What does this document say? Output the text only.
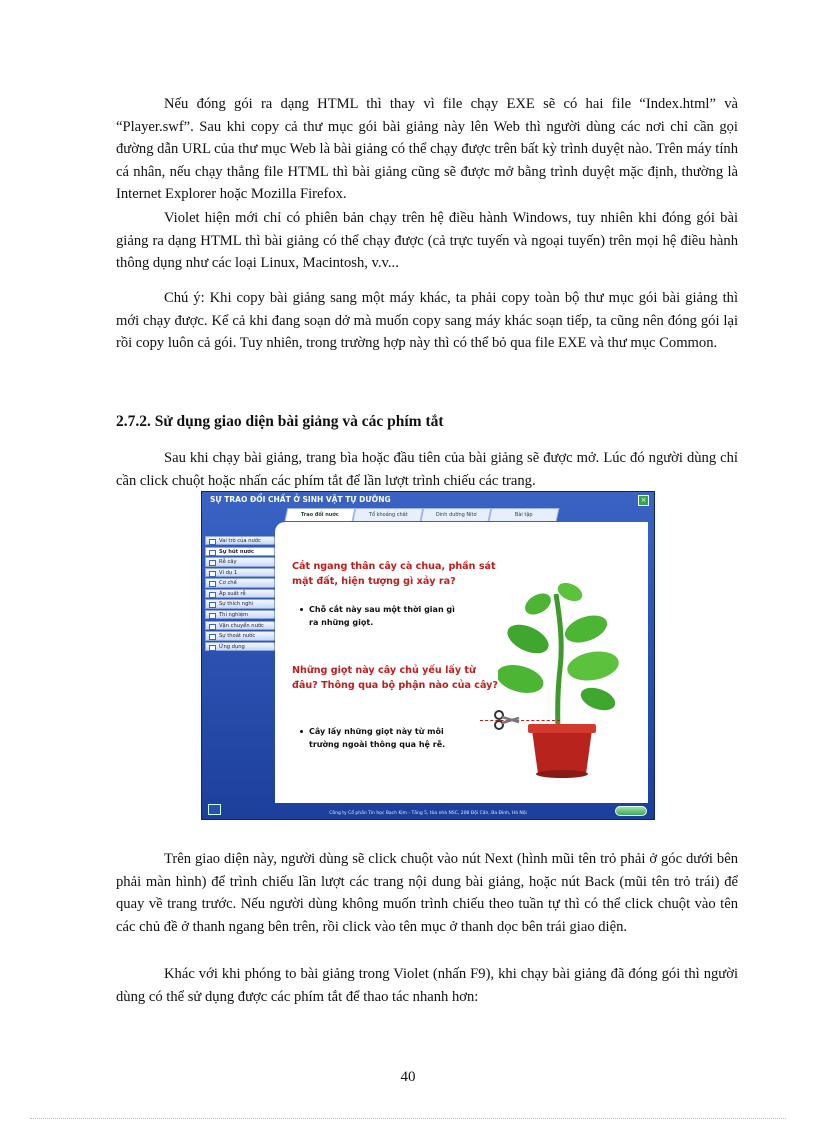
Nếu đóng gói ra dạng HTML thì thay vì file chạy EXE sẽ có hai file “Index.html” và “Player.swf”. Sau khi copy cả thư mục gói bài giảng này lên Web thì người dùng các nơi chỉ cần gọi đường dẫn URL của thư mục Web là bài giảng có thể chạy được trên bất kỳ trình duyệt nào. Trên máy tính cá nhân, nếu chạy thẳng file HTML thì bài giảng cũng sẽ được mở bằng trình duyệt mặc định, thường là Internet Explorer hoặc Mozilla Firefox.

Violet hiện mới chỉ có phiên bản chạy trên hệ điều hành Windows, tuy nhiên khi đóng gói bài giảng ra dạng HTML thì bài giảng có thể chạy được (cả trực tuyến và ngoại tuyến) trên mọi hệ điều hành thông dụng như các loại Linux, Macintosh, v.v...

Chú ý: Khi copy bài giảng sang một máy khác, ta phải copy toàn bộ thư mục gói bài giảng thì mới chạy được. Kể cả khi đang soạn dở mà muốn copy sang máy khác soạn tiếp, ta cũng nên đóng gói lại rồi copy luôn cả gói. Tuy nhiên, trong trường hợp này thì có thể bỏ qua file EXE và thư mục Common.

2.7.2. Sử dụng giao diện bài giảng và các phím tắt

Sau khi chạy bài giảng, trang bìa hoặc đầu tiên của bài giảng sẽ được mở. Lúc đó người dùng chỉ cần click chuột hoặc nhấn các phím tắt để lần lượt trình chiếu các trang.

SỰ TRAO ĐỔI CHẤT Ở SINH VẬT TỰ DƯỠNG	×
Trao đổi nước	Tổ khoáng chất	Dinh dưỡng Nitơ	Bài tập
Vai trò của nước
Sự hút nước
Rễ cây
Ví dụ 1
Cơ chế
Áp suất rễ
Sự thích nghi
Thí nghiệm
Vận chuyển nước
Sự thoát nước
Ứng dụng

Cắt ngang thân cây cà chua, phần sát mặt đất, hiện tượng gì xảy ra?

Chỗ cắt này sau một thời gian gì ra những giọt.

Những giọt này cây chủ yếu lấy từ đâu? Thông qua bộ phận nào của cây?

Cây lấy những giọt này từ môi trường ngoài thông qua hệ rễ.

Công ty Cổ phần Tin học Bạch Kim - Tầng 5, tòa nhà NSC, 208 Đội Cấn, Ba Đình, Hà Nội

Trên giao diện này, người dùng sẽ click chuột vào nút Next (hình mũi tên trỏ phải ở góc dưới bên phải màn hình) để trình chiếu lần lượt các trang nội dung bài giảng, hoặc nút Back (mũi tên trỏ trái) để quay về trang trước. Nếu người dùng không muốn trình chiếu theo tuần tự thì có thể click chuột vào tên các chủ đề ở thanh ngang bên trên, rồi click vào tên mục ở thanh dọc bên trái giao diện.

Khác với khi phóng to bài giảng trong Violet (nhấn F9), khi chạy bài giảng đã đóng gói thì người dùng có thể sử dụng được các phím tắt để thao tác nhanh hơn:

40
